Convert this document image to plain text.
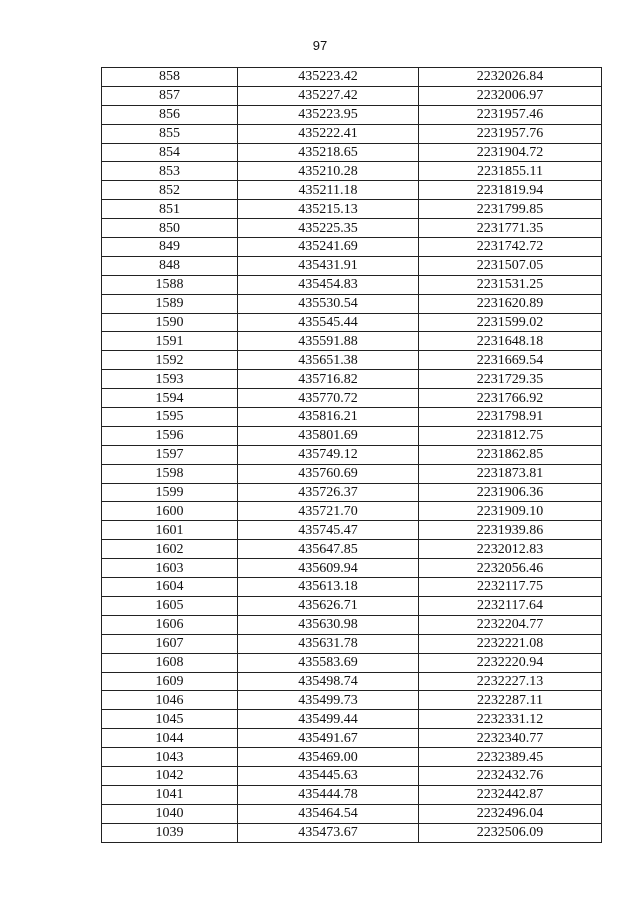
97
858	435223.42	2232026.84
857	435227.42	2232006.97
856	435223.95	2231957.46
855	435222.41	2231957.76
854	435218.65	2231904.72
853	435210.28	2231855.11
852	435211.18	2231819.94
851	435215.13	2231799.85
850	435225.35	2231771.35
849	435241.69	2231742.72
848	435431.91	2231507.05
1588	435454.83	2231531.25
1589	435530.54	2231620.89
1590	435545.44	2231599.02
1591	435591.88	2231648.18
1592	435651.38	2231669.54
1593	435716.82	2231729.35
1594	435770.72	2231766.92
1595	435816.21	2231798.91
1596	435801.69	2231812.75
1597	435749.12	2231862.85
1598	435760.69	2231873.81
1599	435726.37	2231906.36
1600	435721.70	2231909.10
1601	435745.47	2231939.86
1602	435647.85	2232012.83
1603	435609.94	2232056.46
1604	435613.18	2232117.75
1605	435626.71	2232117.64
1606	435630.98	2232204.77
1607	435631.78	2232221.08
1608	435583.69	2232220.94
1609	435498.74	2232227.13
1046	435499.73	2232287.11
1045	435499.44	2232331.12
1044	435491.67	2232340.77
1043	435469.00	2232389.45
1042	435445.63	2232432.76
1041	435444.78	2232442.87
1040	435464.54	2232496.04
1039	435473.67	2232506.09
